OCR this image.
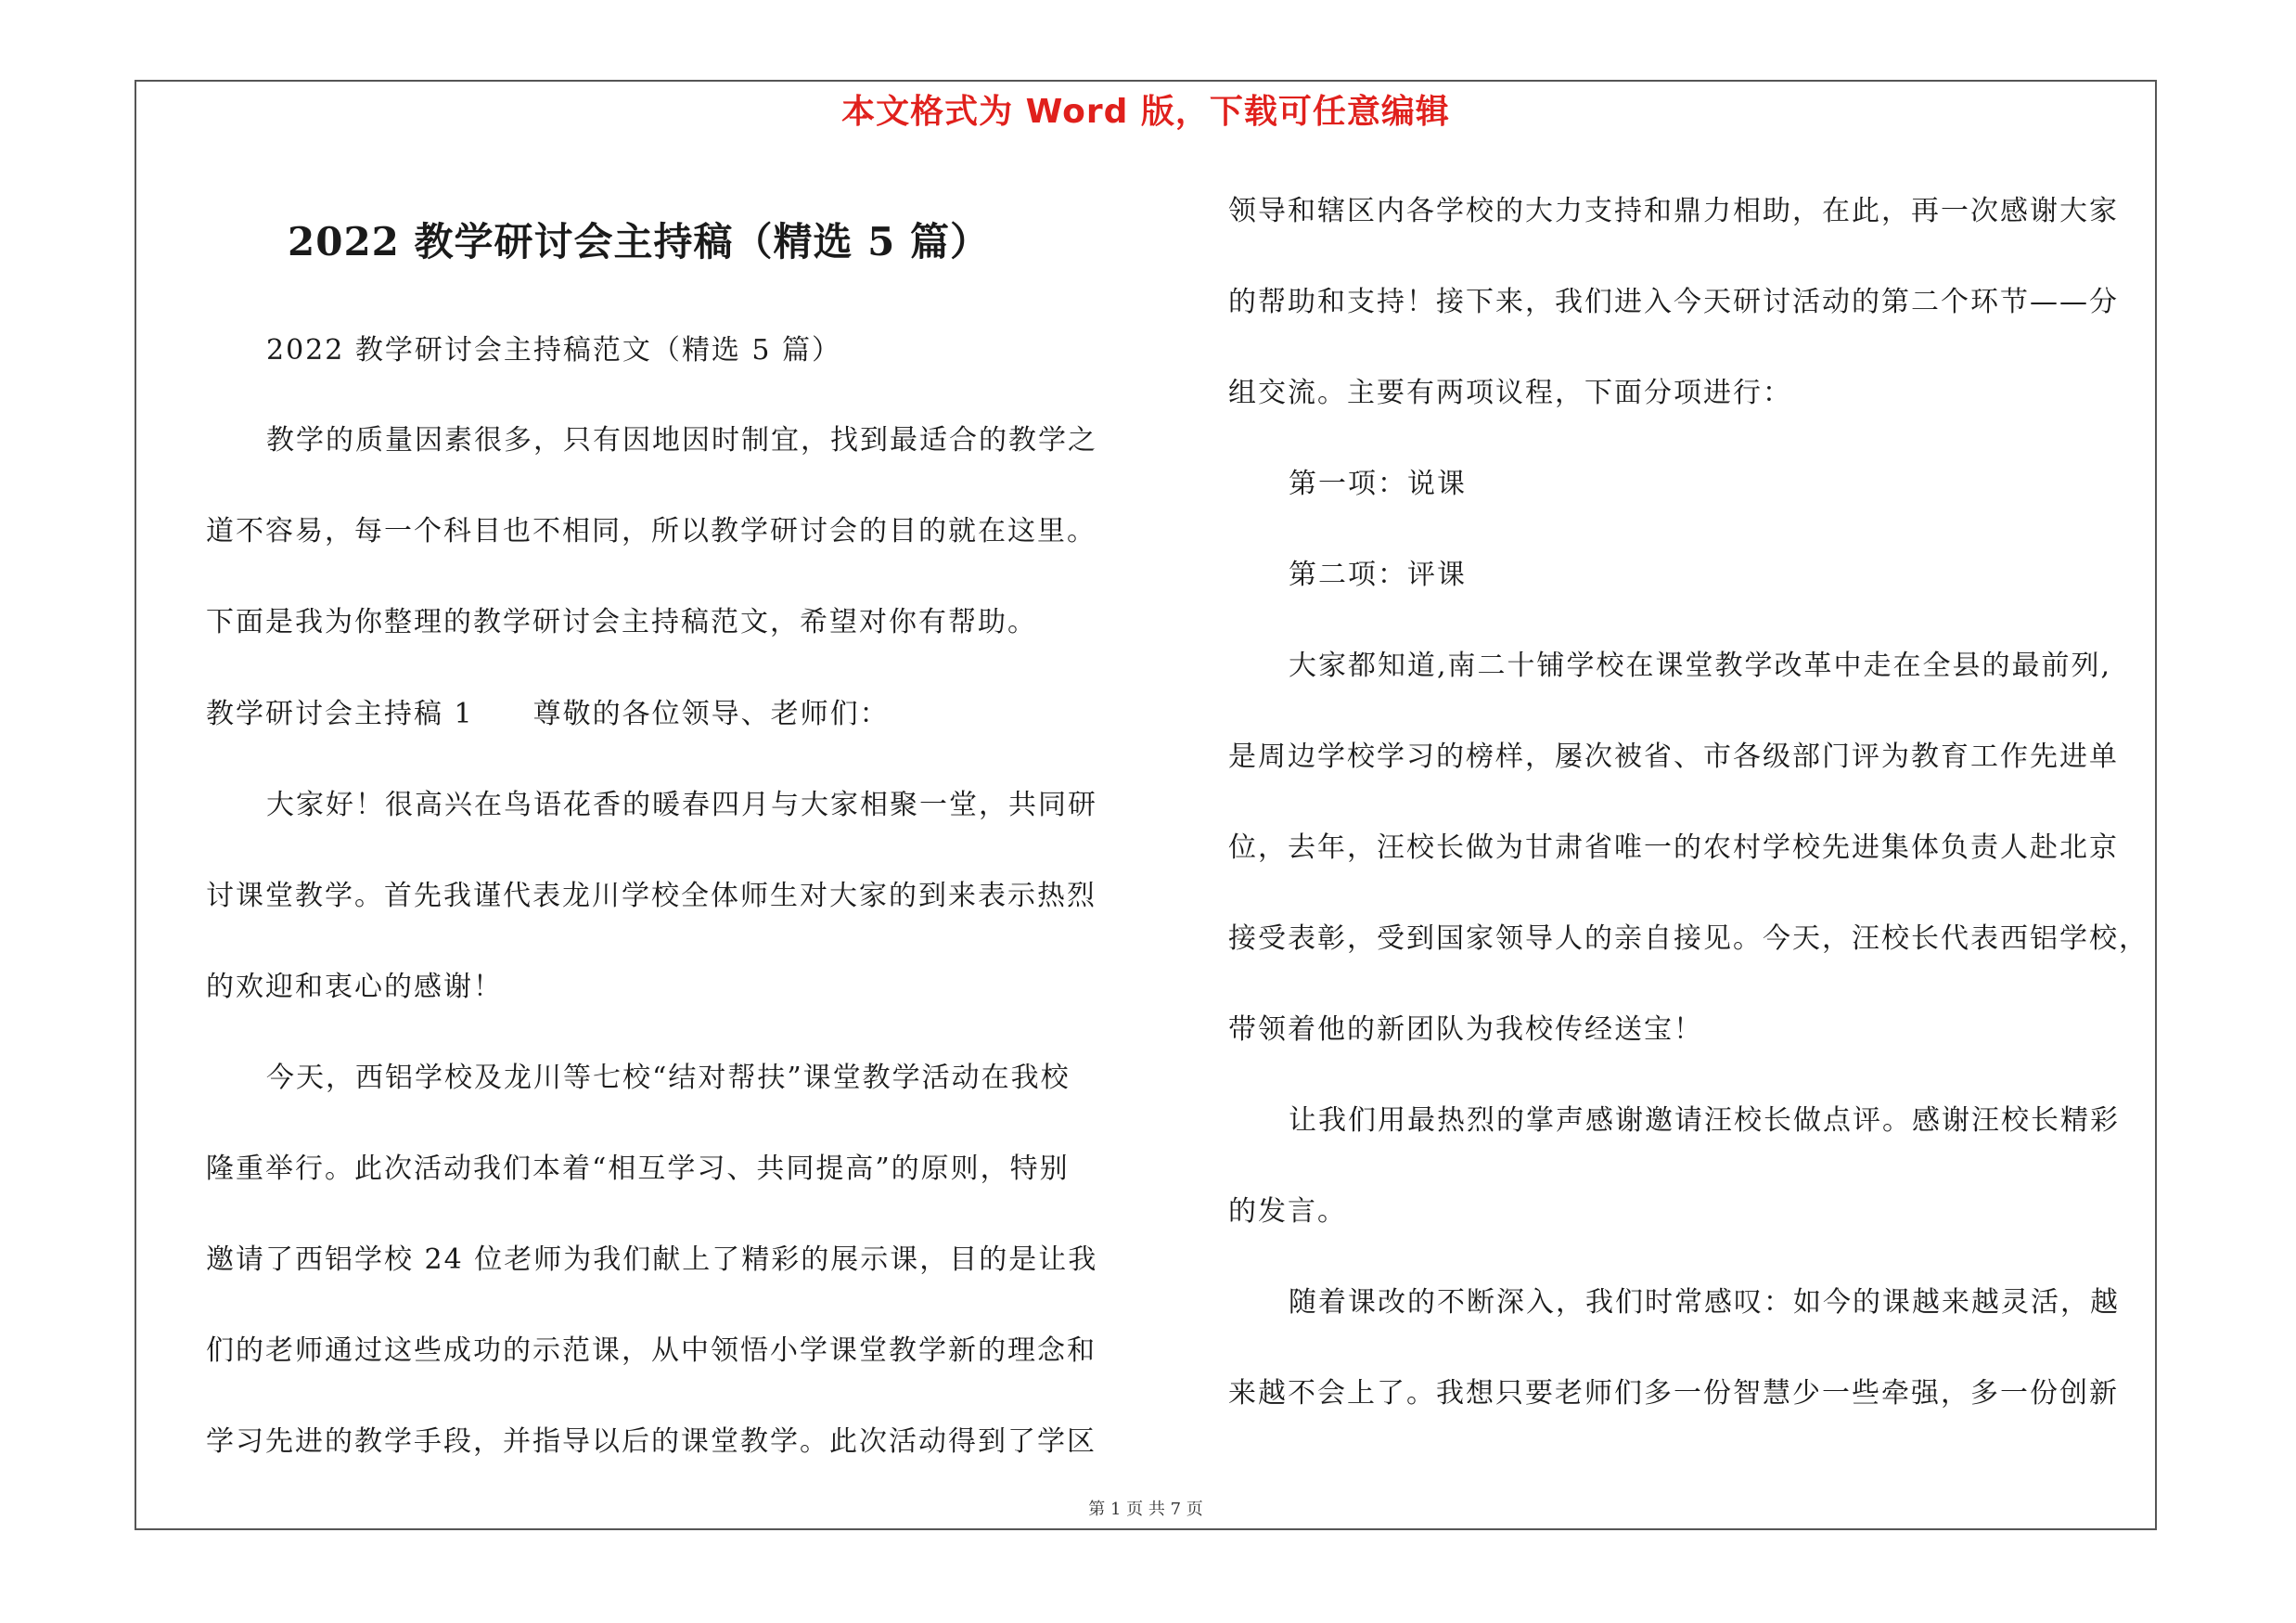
本文格式为 Word 版，下载可任意编辑
2022 教学研讨会主持稿（精选 5 篇）
2022 教学研讨会主持稿范文（精选 5 篇）
教学的质量因素很多，只有因地因时制宜，找到最适合的教学之
道不容易，每一个科目也不相同，所以教学研讨会的目的就在这里。
下面是我为你整理的教学研讨会主持稿范文，希望对你有帮助。
教学研讨会主持稿 1　　尊敬的各位领导、老师们：
大家好！很高兴在鸟语花香的暖春四月与大家相聚一堂，共同研
讨课堂教学。首先我谨代表龙川学校全体师生对大家的到来表示热烈
的欢迎和衷心的感谢！
今天，西铝学校及龙川等七校“结对帮扶”课堂教学活动在我校
隆重举行。此次活动我们本着“相互学习、共同提高”的原则，特别
邀请了西铝学校 24 位老师为我们献上了精彩的展示课，目的是让我
们的老师通过这些成功的示范课，从中领悟小学课堂教学新的理念和
学习先进的教学手段，并指导以后的课堂教学。此次活动得到了学区
领导和辖区内各学校的大力支持和鼎力相助，在此，再一次感谢大家
的帮助和支持！接下来，我们进入今天研讨活动的第二个环节——分
组交流。主要有两项议程，下面分项进行：
第一项：说课
第二项：评课
大家都知道,南二十铺学校在课堂教学改革中走在全县的最前列,
是周边学校学习的榜样，屡次被省、市各级部门评为教育工作先进单
位，去年，汪校长做为甘肃省唯一的农村学校先进集体负责人赴北京
接受表彰，受到国家领导人的亲自接见。今天，汪校长代表西铝学校，
带领着他的新团队为我校传经送宝！
让我们用最热烈的掌声感谢邀请汪校长做点评。感谢汪校长精彩
的发言。
随着课改的不断深入，我们时常感叹：如今的课越来越灵活，越
来越不会上了。我想只要老师们多一份智慧少一些牵强，多一份创新
第 1 页 共 7 页
